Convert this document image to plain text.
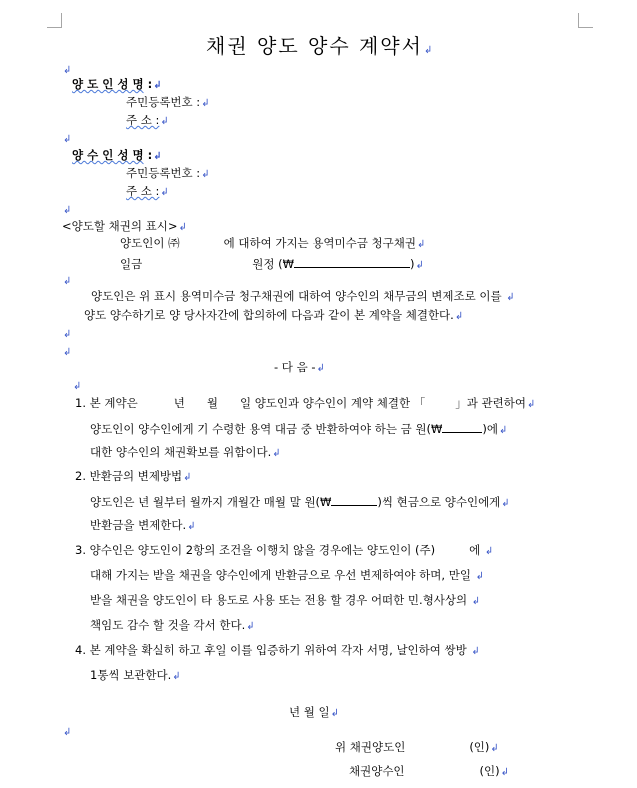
채권 양도 양수 계약서↲
↲
양 도 인 성 명 :↲
주민등록번호 :↲
주 소 :↲
↲
양 수 인 성 명 :↲
주민등록번호 :↲
주 소 :↲
↲
<양도할 채권의 표시>↲
양도인이 ㈜	에 대하여 가지는 용역미수금 청구채권↲
일금	원정 (₩	)↲
↲
양도인은 위 표시 용역미수금 청구채권에 대하여 양수인의 채무금의 변제조로 이를 ↲
양도 양수하기로 양 당사자간에 합의하에 다음과 같이 본 계약을 체결한다.↲
↲
↲
- 다 음 -↲
↲
1. 본 계약은	년 월 일 양도인과 양수인이 계약 체결한 「	」과 관련하여↲
양도인이 양수인에게 기 수령한 용역 대금 중 반환하여야 하는 금 원(₩	)에↲
대한 양수인의 채권확보를 위함이다.↲
2. 반환금의 변제방법↲
양도인은 년 월부터 월까지 개월간 매월 말 원(₩	)씩 현금으로 양수인에게↲
반환금을 변제한다.↲
3. 양수인은 양도인이 2항의 조건을 이행치 않을 경우에는 양도인이 (주)	에 ↲
대해 가지는 받을 채권을 양수인에게 반환금으로 우선 변제하여야 하며, 만일 ↲
받을 채권을 양도인이 타 용도로 사용 또는 전용 할 경우 어떠한 민.형사상의 ↲
책임도 감수 할 것을 각서 한다.↲
4. 본 계약을 확실히 하고 후일 이를 입증하기 위하여 각자 서명, 날인하여 쌍방 ↲
1통씩 보관한다.↲
년 월 일↲
↲
위 채권양도인	(인)↲
채권양수인	(인)↲
